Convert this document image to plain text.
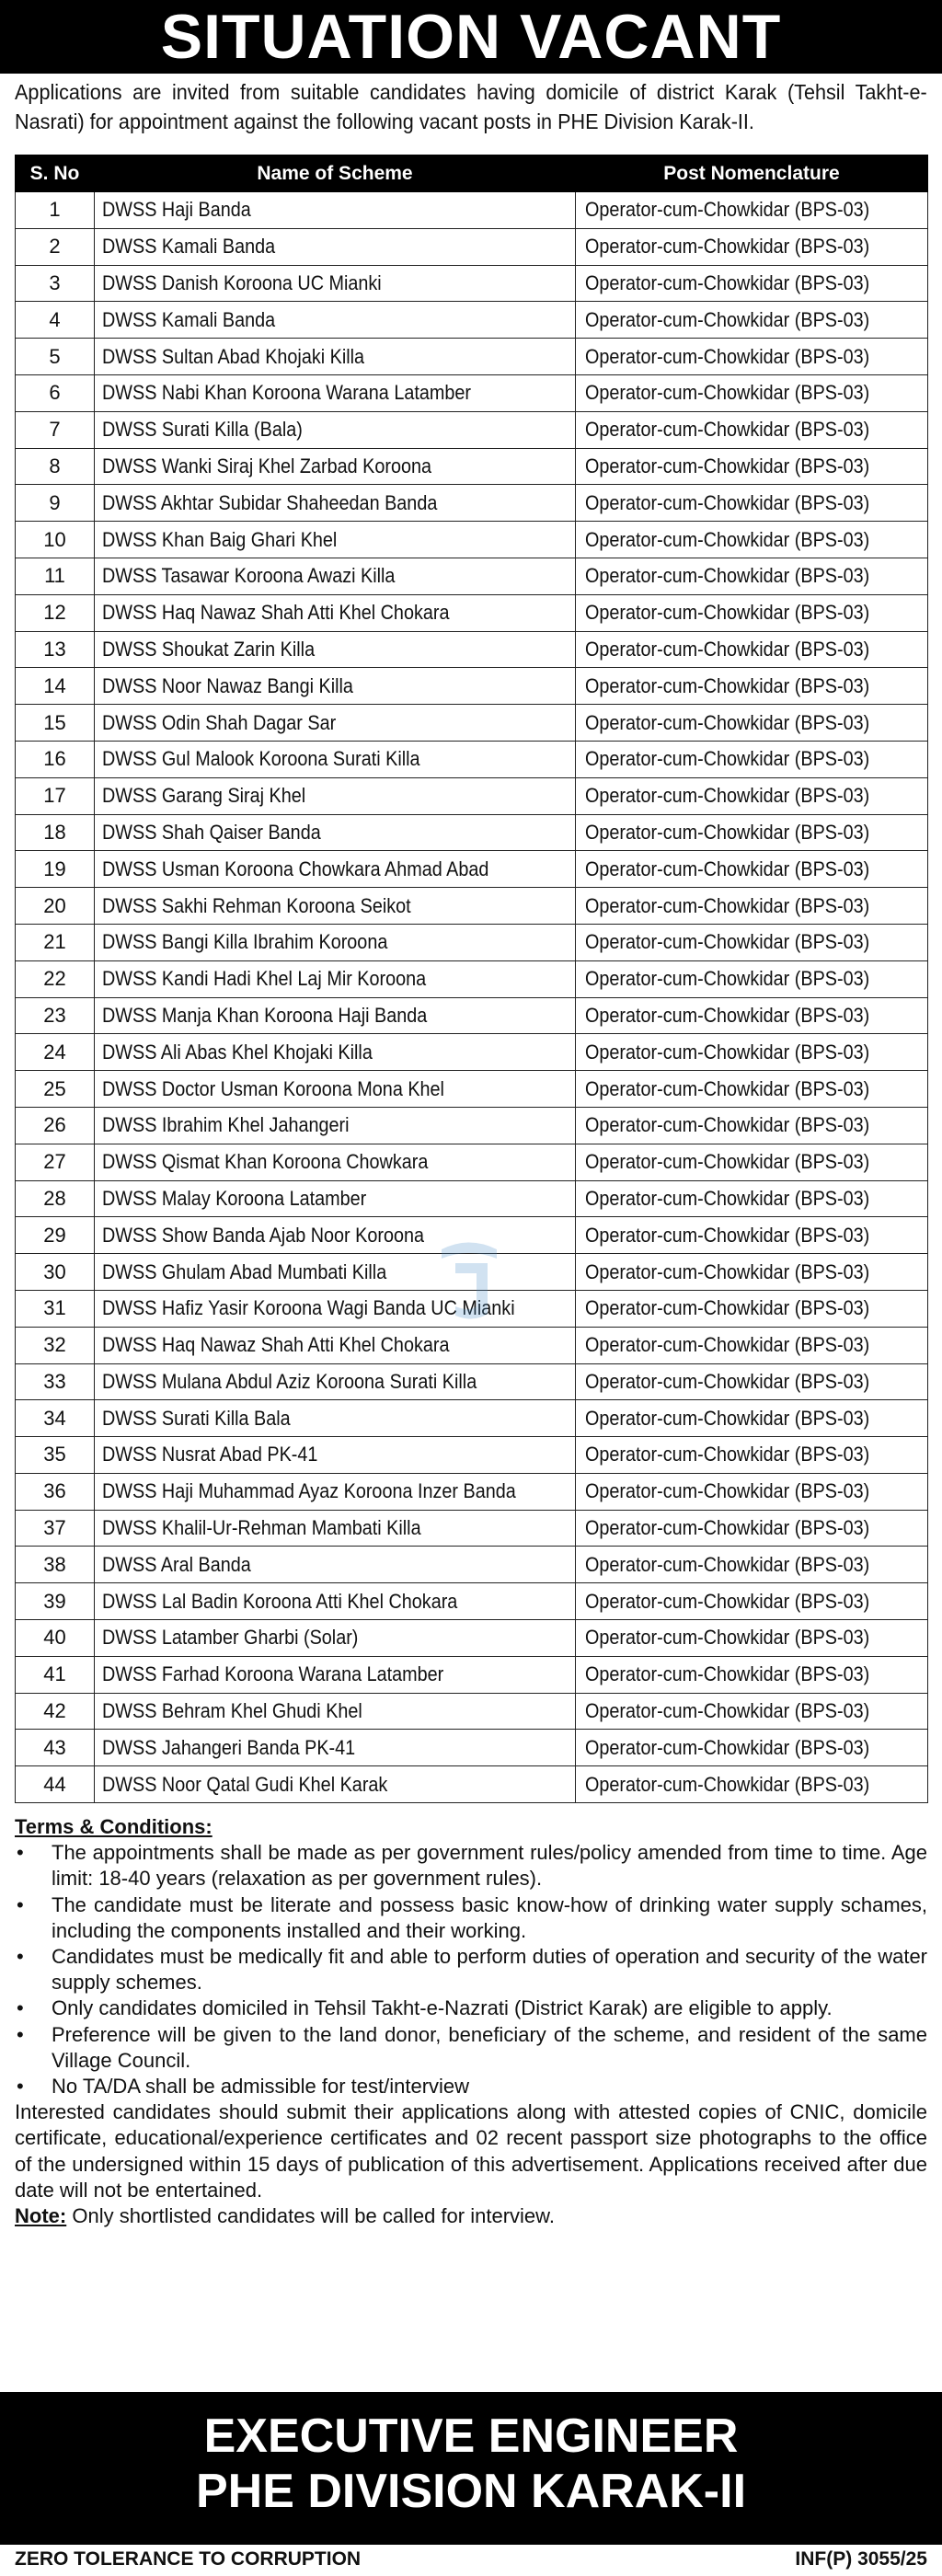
SITUATION VACANT
Applications are invited from suitable candidates having domicile of district Karak (Tehsil Takht-e-Nasrati) for appointment against the following vacant posts in PHE Division Karak-II.
S. No	Name of Scheme	Post Nomenclature
1	DWSS Haji Banda	Operator-cum-Chowkidar (BPS-03)
2	DWSS Kamali Banda	Operator-cum-Chowkidar (BPS-03)
3	DWSS Danish Koroona UC Mianki	Operator-cum-Chowkidar (BPS-03)
4	DWSS Kamali Banda	Operator-cum-Chowkidar (BPS-03)
5	DWSS Sultan Abad Khojaki Killa	Operator-cum-Chowkidar (BPS-03)
6	DWSS Nabi Khan Koroona Warana Latamber	Operator-cum-Chowkidar (BPS-03)
7	DWSS Surati Killa (Bala)	Operator-cum-Chowkidar (BPS-03)
8	DWSS Wanki Siraj Khel Zarbad Koroona	Operator-cum-Chowkidar (BPS-03)
9	DWSS Akhtar Subidar Shaheedan Banda	Operator-cum-Chowkidar (BPS-03)
10	DWSS Khan Baig Ghari Khel	Operator-cum-Chowkidar (BPS-03)
11	DWSS Tasawar Koroona Awazi Killa	Operator-cum-Chowkidar (BPS-03)
12	DWSS Haq Nawaz Shah Atti Khel Chokara	Operator-cum-Chowkidar (BPS-03)
13	DWSS Shoukat Zarin Killa	Operator-cum-Chowkidar (BPS-03)
14	DWSS Noor Nawaz Bangi Killa	Operator-cum-Chowkidar (BPS-03)
15	DWSS Odin Shah Dagar Sar	Operator-cum-Chowkidar (BPS-03)
16	DWSS Gul Malook Koroona Surati Killa	Operator-cum-Chowkidar (BPS-03)
17	DWSS Garang Siraj Khel	Operator-cum-Chowkidar (BPS-03)
18	DWSS Shah Qaiser Banda	Operator-cum-Chowkidar (BPS-03)
19	DWSS Usman Koroona Chowkara Ahmad Abad	Operator-cum-Chowkidar (BPS-03)
20	DWSS Sakhi Rehman Koroona Seikot	Operator-cum-Chowkidar (BPS-03)
21	DWSS Bangi Killa Ibrahim Koroona	Operator-cum-Chowkidar (BPS-03)
22	DWSS Kandi Hadi Khel Laj Mir Koroona	Operator-cum-Chowkidar (BPS-03)
23	DWSS Manja Khan Koroona Haji Banda	Operator-cum-Chowkidar (BPS-03)
24	DWSS Ali Abas Khel Khojaki Killa	Operator-cum-Chowkidar (BPS-03)
25	DWSS Doctor Usman Koroona Mona Khel	Operator-cum-Chowkidar (BPS-03)
26	DWSS Ibrahim Khel Jahangeri	Operator-cum-Chowkidar (BPS-03)
27	DWSS Qismat Khan Koroona Chowkara	Operator-cum-Chowkidar (BPS-03)
28	DWSS Malay Koroona Latamber	Operator-cum-Chowkidar (BPS-03)
29	DWSS Show Banda Ajab Noor Koroona	Operator-cum-Chowkidar (BPS-03)
30	DWSS Ghulam Abad Mumbati Killa	Operator-cum-Chowkidar (BPS-03)
31	DWSS Hafiz Yasir Koroona Wagi Banda UC Mianki	Operator-cum-Chowkidar (BPS-03)
32	DWSS Haq Nawaz Shah Atti Khel Chokara	Operator-cum-Chowkidar (BPS-03)
33	DWSS Mulana Abdul Aziz Koroona Surati Killa	Operator-cum-Chowkidar (BPS-03)
34	DWSS Surati Killa Bala	Operator-cum-Chowkidar (BPS-03)
35	DWSS Nusrat Abad PK-41	Operator-cum-Chowkidar (BPS-03)
36	DWSS Haji Muhammad Ayaz Koroona Inzer Banda	Operator-cum-Chowkidar (BPS-03)
37	DWSS Khalil-Ur-Rehman Mambati Killa	Operator-cum-Chowkidar (BPS-03)
38	DWSS Aral Banda	Operator-cum-Chowkidar (BPS-03)
39	DWSS Lal Badin Koroona Atti Khel Chokara	Operator-cum-Chowkidar (BPS-03)
40	DWSS Latamber Gharbi (Solar)	Operator-cum-Chowkidar (BPS-03)
41	DWSS Farhad Koroona Warana Latamber	Operator-cum-Chowkidar (BPS-03)
42	DWSS Behram Khel Ghudi Khel	Operator-cum-Chowkidar (BPS-03)
43	DWSS Jahangeri Banda PK-41	Operator-cum-Chowkidar (BPS-03)
44	DWSS Noor Qatal Gudi Khel Karak	Operator-cum-Chowkidar (BPS-03)
Terms & Conditions:
• The appointments shall be made as per government rules/policy amended from time to time. Age limit: 18-40 years (relaxation as per government rules).
• The candidate must be literate and possess basic know-how of drinking water supply schames, including the components installed and their working.
• Candidates must be medically fit and able to perform duties of operation and security of the water supply schemes.
• Only candidates domiciled in Tehsil Takht-e-Nazrati (District Karak) are eligible to apply.
• Preference will be given to the land donor, beneficiary of the scheme, and resident of the same Village Council.
• No TA/DA shall be admissible for test/interview
Interested candidates should submit their applications along with attested copies of CNIC, domicile certificate, educational/experience certificates and 02 recent passport size photographs to the office of the undersigned within 15 days of publication of this advertisement. Applications received after due date will not be entertained.
Note: Only shortlisted candidates will be called for interview.
EXECUTIVE ENGINEER
PHE DIVISION KARAK-II
ZERO TOLERANCE TO CORRUPTION	INF(P) 3055/25
